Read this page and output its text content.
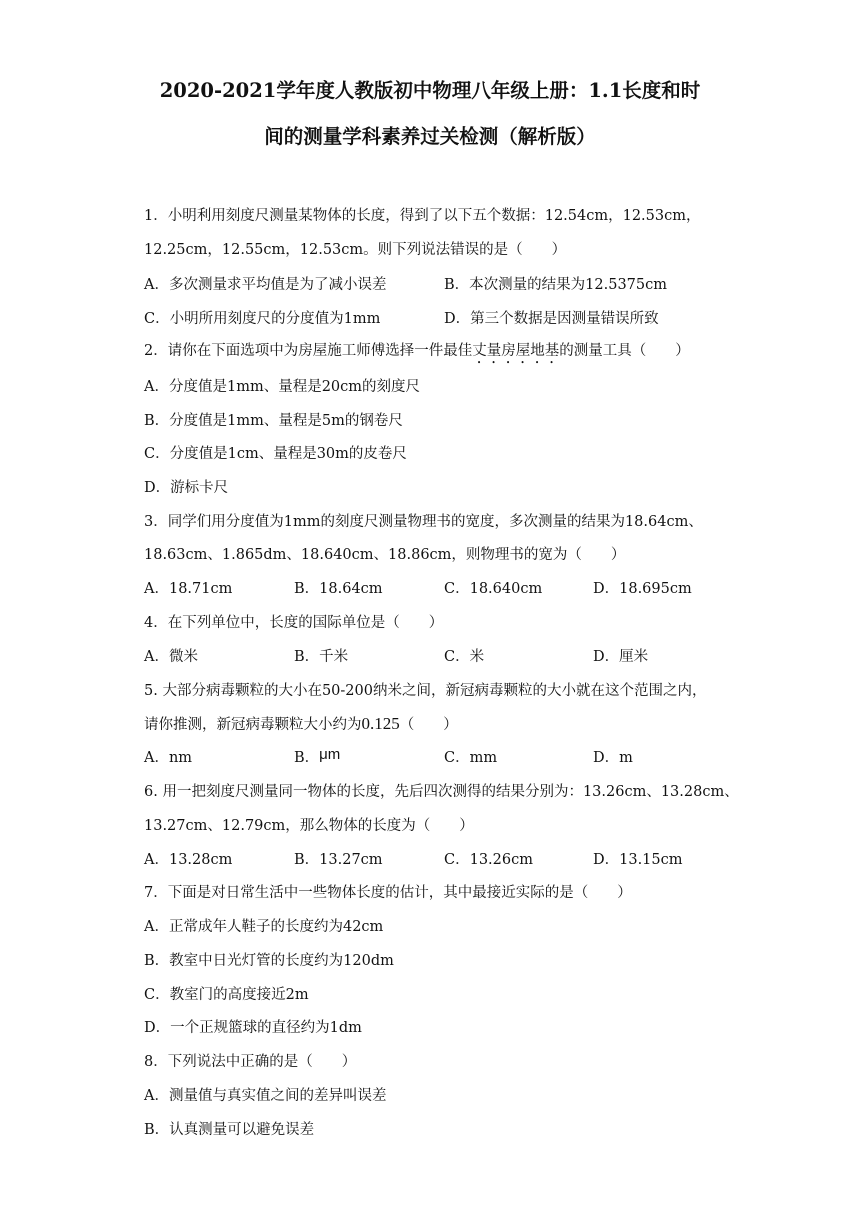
2020-2021学年度人教版初中物理八年级上册：1.1长度和时
间的测量学科素养过关检测（解析版）
1．小明利用刻度尺测量某物体的长度，得到了以下五个数据：12.54cm，12.53cm，
12.25cm，12.55cm，12.53cm。则下列说法错误的是（　　）
A．多次测量求平均值是为了减小误差	B．本次测量的结果为12.5375cm
C．小明所用刻度尺的分度值为1mm	D．第三个数据是因测量错误所致
2．请你在下面选项中为房屋施工师傅选择一件最佳丈量房屋地基的测量工具（　　）
A．分度值是1mm、量程是20cm的刻度尺
B．分度值是1mm、量程是5m的钢卷尺
C．分度值是1cm、量程是30m的皮卷尺
D．游标卡尺
3．同学们用分度值为1mm的刻度尺测量物理书的宽度，多次测量的结果为18.64cm、
18.63cm、1.865dm、18.640cm、18.86cm，则物理书的宽为（　　）
A．18.71cm	B．18.64cm	C．18.640cm	D．18.695cm
4．在下列单位中，长度的国际单位是（　　）
A．微米	B．千米	C．米	D．厘米
5. 大部分病毒颗粒的大小在50-200纳米之间，新冠病毒颗粒的大小就在这个范围之内，
请你推测，新冠病毒颗粒大小约为0.125（　　）
A．nm	B．μm	C．mm	D．m
6. 用一把刻度尺测量同一物体的长度，先后四次测得的结果分别为：13.26cm、13.28cm、
13.27cm、12.79cm，那么物体的长度为（　　）
A．13.28cm	B．13.27cm	C．13.26cm	D．13.15cm
7．下面是对日常生活中一些物体长度的估计，其中最接近实际的是（　　）
A．正常成年人鞋子的长度约为42cm
B．教室中日光灯管的长度约为120dm
C．教室门的高度接近2m
D．一个正规篮球的直径约为1dm
8．下列说法中正确的是（　　）
A．测量值与真实值之间的差异叫误差
B．认真测量可以避免误差
